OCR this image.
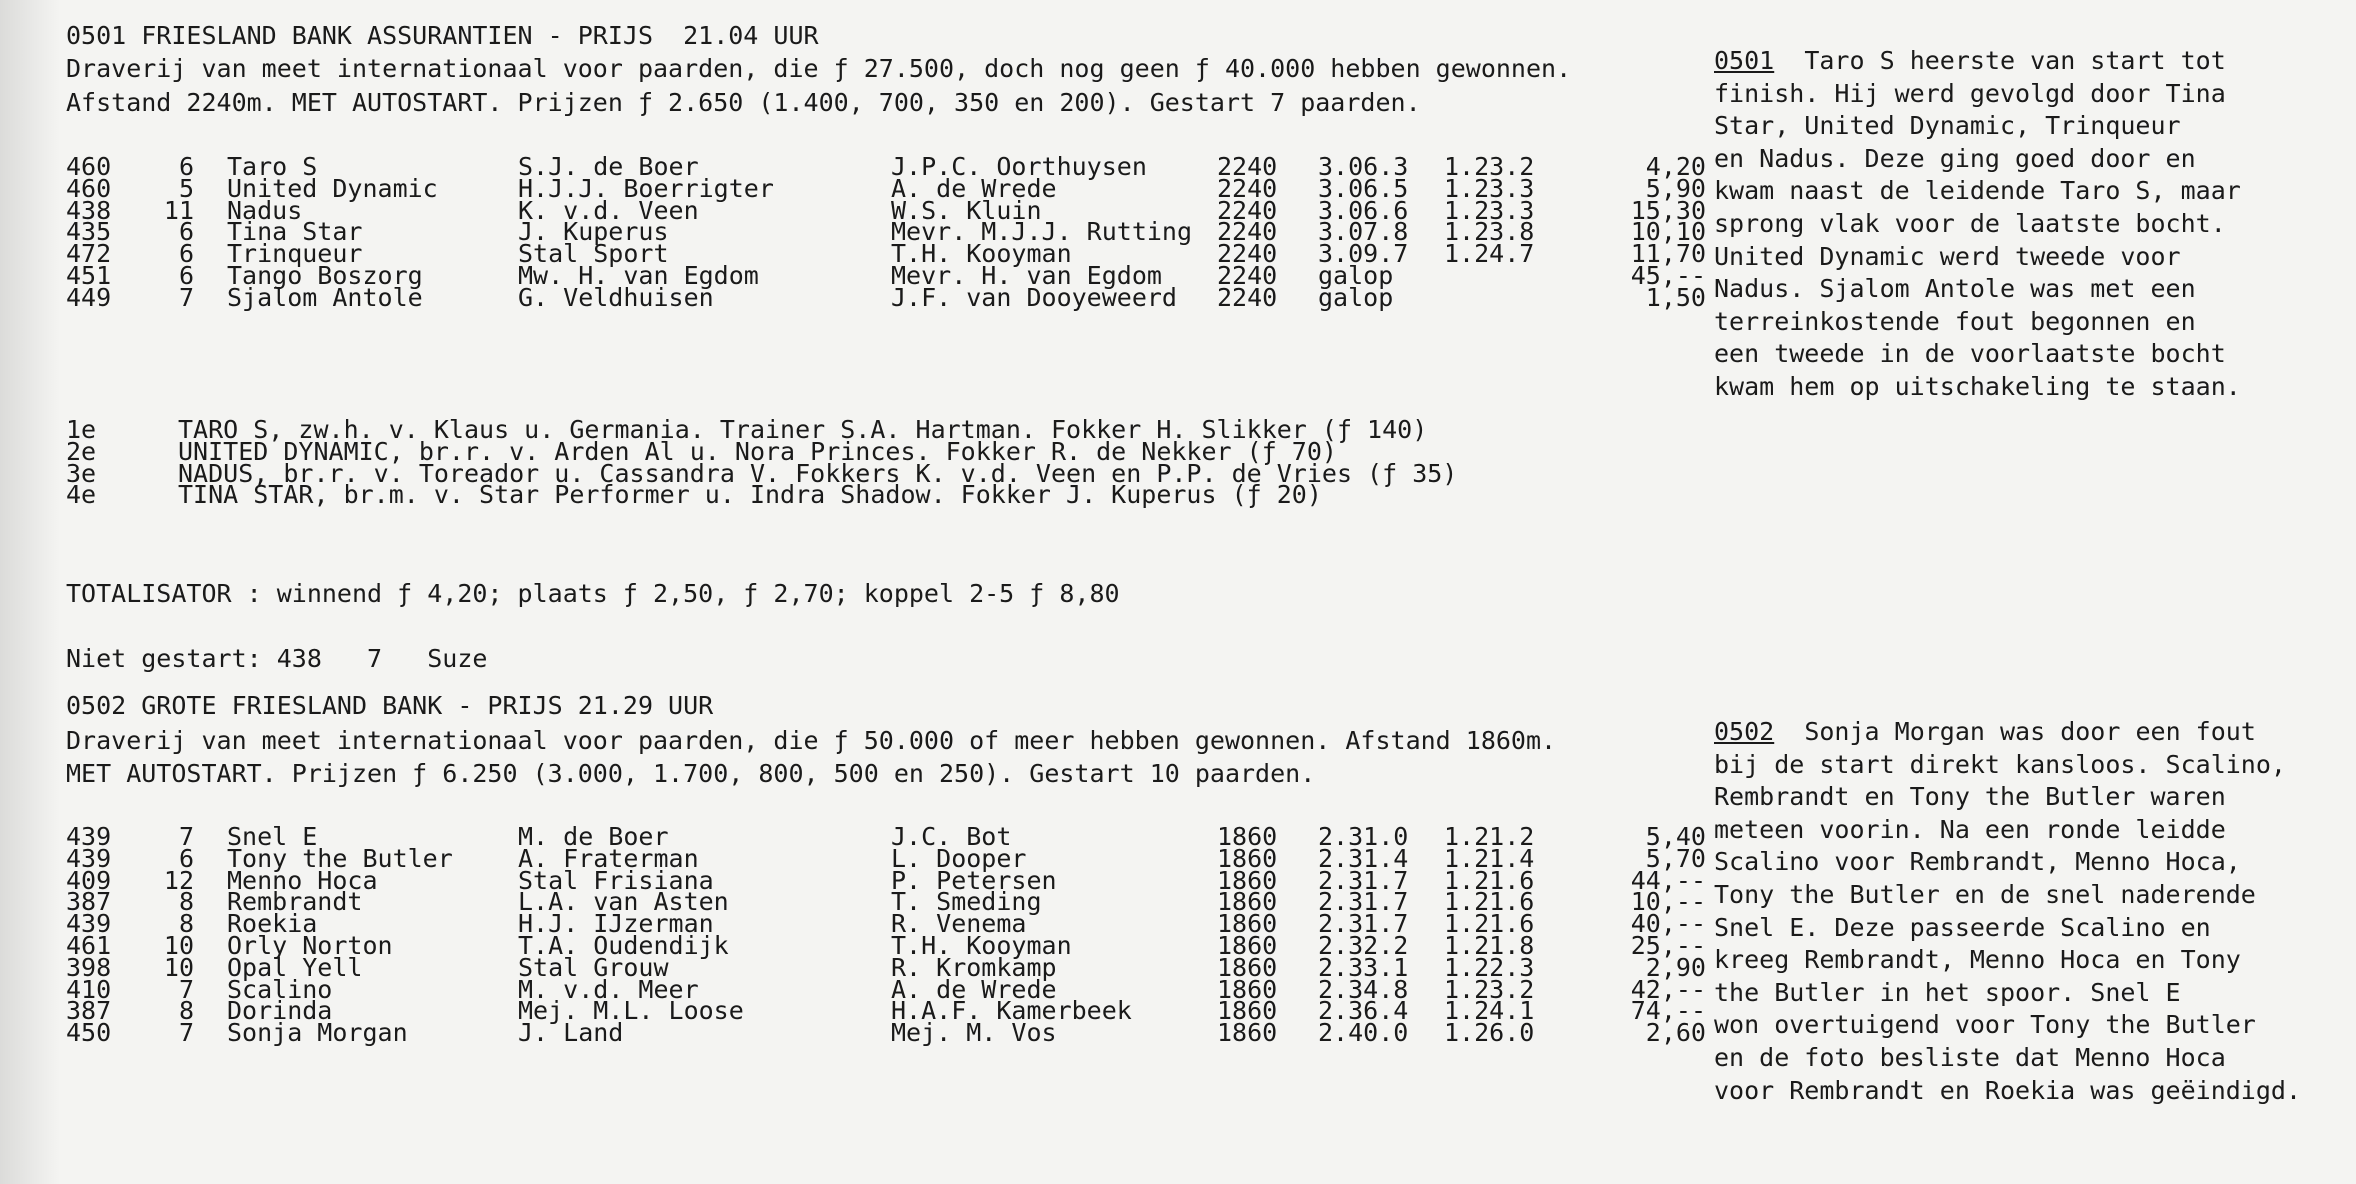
0501 FRIESLAND BANK ASSURANTIEN - PRIJS  21.04 UUR
Draverij van meet internationaal voor paarden, die ƒ 27.500, doch nog geen ƒ 40.000 hebben gewonnen.
Afstand 2240m. MET AUTOSTART. Prijzen ƒ 2.650 (1.400, 700, 350 en 200). Gestart 7 paarden.
460	6 Taro S	S.J. de Boer	J.P.C. Oorthuysen	2240 3.06.3 1.23.2	4,20
460	5 United Dynamic	H.J.J. Boerrigter	A. de Wrede	2240 3.06.5 1.23.3	5,90
438	11 Nadus	K. v.d. Veen	W.S. Kluin	2240 3.06.6 1.23.3	15,30
435	6 Tina Star	J. Kuperus	Mevr. M.J.J. Rutting 2240 3.07.8 1.23.8	10,10
472	6 Trinqueur	Stal Sport	T.H. Kooyman	2240 3.09.7 1.24.7	11,70
451	6 Tango Boszorg	Mw. H. van Egdom	Mevr. H. van Egdom 2240 galop	45,--
449	7 Sjalom Antole	G. Veldhuisen	J.F. van Dooyeweerd 2240 galop	1,50
1e	TARO S, zw.h. v. Klaus u. Germania. Trainer S.A. Hartman. Fokker H. Slikker (ƒ 140)
2e	UNITED DYNAMIC, br.r. v. Arden Al u. Nora Princes. Fokker R. de Nekker (ƒ 70)
3e	NADUS, br.r. v. Toreador u. Cassandra V. Fokkers K. v.d. Veen en P.P. de Vries (ƒ 35)
4e	TINA STAR, br.m. v. Star Performer u. Indra Shadow. Fokker J. Kuperus (ƒ 20)
TOTALISATOR : winnend ƒ 4,20; plaats ƒ 2,50, ƒ 2,70; koppel 2-5 ƒ 8,80
Niet gestart: 438   7   Suze
0501  Taro S heerste van start tot
finish. Hij werd gevolgd door Tina
Star, United Dynamic, Trinqueur
en Nadus. Deze ging goed door en
kwam naast de leidende Taro S, maar
sprong vlak voor de laatste bocht.
United Dynamic werd tweede voor
Nadus. Sjalom Antole was met een
terreinkostende fout begonnen en
een tweede in de voorlaatste bocht
kwam hem op uitschakeling te staan.
0502 GROTE FRIESLAND BANK - PRIJS 21.29 UUR
Draverij van meet internationaal voor paarden, die ƒ 50.000 of meer hebben gewonnen. Afstand 1860m.
MET AUTOSTART. Prijzen ƒ 6.250 (3.000, 1.700, 800, 500 en 250). Gestart 10 paarden.
439	7 Snel E	M. de Boer	J.C. Bot	1860 2.31.0 1.21.2	5,40
439	6 Tony the Butler	A. Fraterman	L. Dooper	1860 2.31.4 1.21.4	5,70
409	12 Menno Hoca	Stal Frisiana	P. Petersen	1860 2.31.7 1.21.6	44,--
387	8 Rembrandt	L.A. van Asten	T. Smeding	1860 2.31.7 1.21.6	10,--
439	8 Roekia	H.J. IJzerman	R. Venema	1860 2.31.7 1.21.6	40,--
461	10 Orly Norton	T.A. Oudendijk	T.H. Kooyman	1860 2.32.2 1.21.8	25,--
398	10 Opal Yell	Stal Grouw	R. Kromkamp	1860 2.33.1 1.22.3	2,90
410	7 Scalino	M. v.d. Meer	A. de Wrede	1860 2.34.8 1.23.2	42,--
387	8 Dorinda	Mej. M.L. Loose	H.A.F. Kamerbeek	1860 2.36.4 1.24.1	74,--
450	7 Sonja Morgan	J. Land	Mej. M. Vos	1860 2.40.0 1.26.0	2,60
0502  Sonja Morgan was door een fout
bij de start direkt kansloos. Scalino,
Rembrandt en Tony the Butler waren
meteen voorin. Na een ronde leidde
Scalino voor Rembrandt, Menno Hoca,
Tony the Butler en de snel naderende
Snel E. Deze passeerde Scalino en
kreeg Rembrandt, Menno Hoca en Tony
the Butler in het spoor. Snel E
won overtuigend voor Tony the Butler
en de foto besliste dat Menno Hoca
voor Rembrandt en Roekia was geëindigd.
